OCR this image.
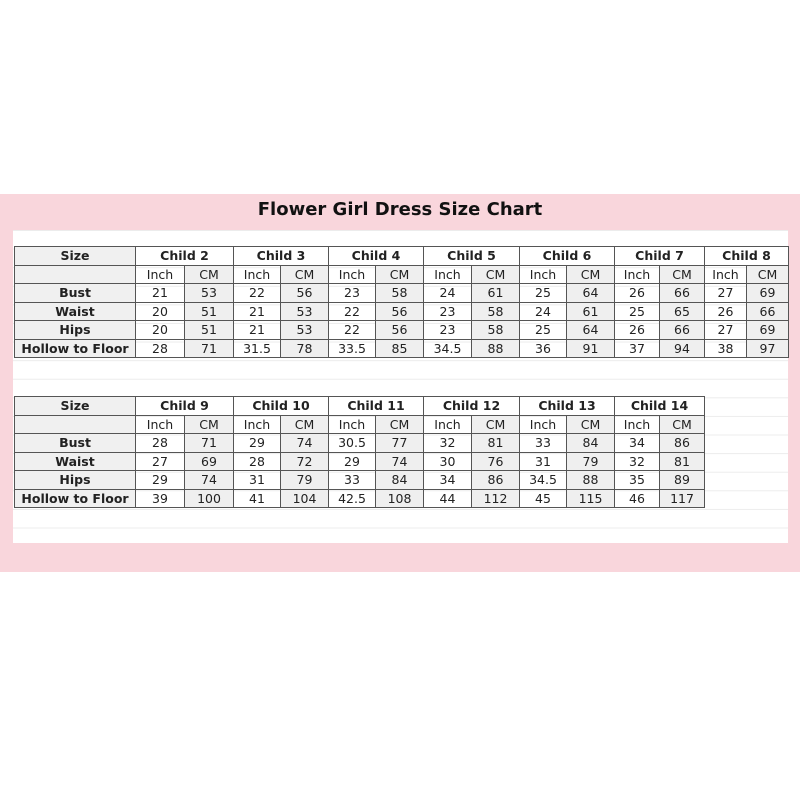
Flower Girl Dress Size Chart
Size	Child 2		Child 3		Child 4		Child 5		Child 6		Child 7		Child 8	
	Inch	CM	Inch	CM	Inch	CM	Inch	CM	Inch	CM	Inch	CM	Inch	CM
Bust	21	53	22	56	23	58	24	61	25	64	26	66	27	69
Waist	20	51	21	53	22	56	23	58	24	61	25	65	26	66
Hips	20	51	21	53	22	56	23	58	25	64	26	66	27	69
Hollow to Floor	28	71	31.5	78	33.5	85	34.5	88	36	91	37	94	38	97
Size	Child 9		Child 10		Child 11		Child 12		Child 13		Child 14	
	Inch	CM	Inch	CM	Inch	CM	Inch	CM	Inch	CM	Inch	CM
Bust	28	71	29	74	30.5	77	32	81	33	84	34	86
Waist	27	69	28	72	29	74	30	76	31	79	32	81
Hips	29	74	31	79	33	84	34	86	34.5	88	35	89
Hollow to Floor	39	100	41	104	42.5	108	44	112	45	115	46	117
